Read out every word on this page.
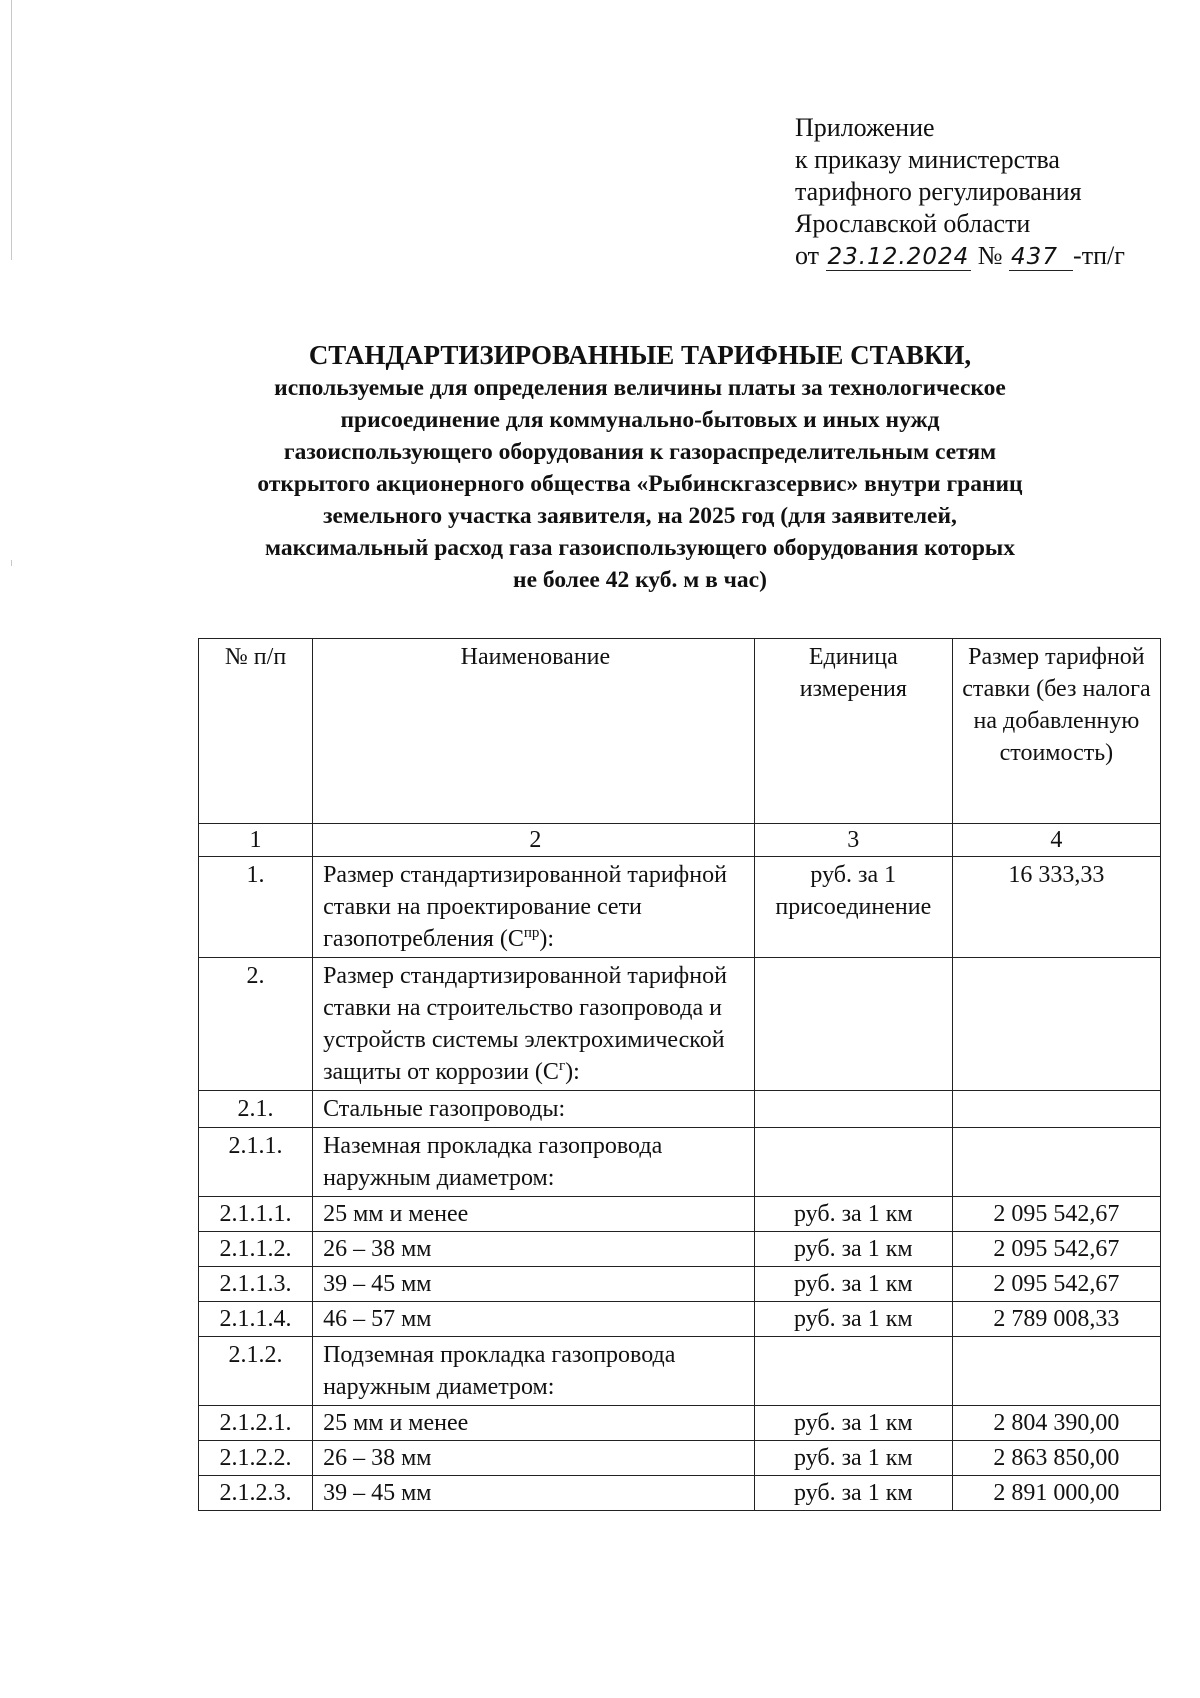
Приложение
к приказу министерства
тарифного регулирования
Ярославской области
от 23.12.2024 № 437 -тп/г
СТАНДАРТИЗИРОВАННЫЕ ТАРИФНЫЕ СТАВКИ,
используемые для определения величины платы за технологическое
присоединение для коммунально-бытовых и иных нужд
газоиспользующего оборудования к газораспределительным сетям
открытого акционерного общества «Рыбинскгазсервис» внутри границ
земельного участка заявителя, на 2025 год (для заявителей,
максимальный расход газа газоиспользующего оборудования которых
не более 42 куб. м в час)
№ п/п	Наименование	Единица измерения	Размер тарифной ставки (без налога на добавленную стоимость)
1	2	3	4
1.	Размер стандартизированной тарифной ставки на проектирование сети газопотребления $(С^{пр})$:	руб. за 1 присоединение	16 333,33
2.	Размер стандартизированной тарифной ставки на строительство газопровода и устройств системы электрохимической защиты от коррозии $(С^г)$:		
2.1.	Стальные газопроводы:		
2.1.1.	Наземная прокладка газопровода наружным диаметром:		
2.1.1.1.	25 мм и менее	руб. за 1 км	2 095 542,67
2.1.1.2.	26 – 38 мм	руб. за 1 км	2 095 542,67
2.1.1.3.	39 – 45 мм	руб. за 1 км	2 095 542,67
2.1.1.4.	46 – 57 мм	руб. за 1 км	2 789 008,33
2.1.2.	Подземная прокладка газопровода наружным диаметром:		
2.1.2.1.	25 мм и менее	руб. за 1 км	2 804 390,00
2.1.2.2.	26 – 38 мм	руб. за 1 км	2 863 850,00
2.1.2.3.	39 – 45 мм	руб. за 1 км	2 891 000,00
